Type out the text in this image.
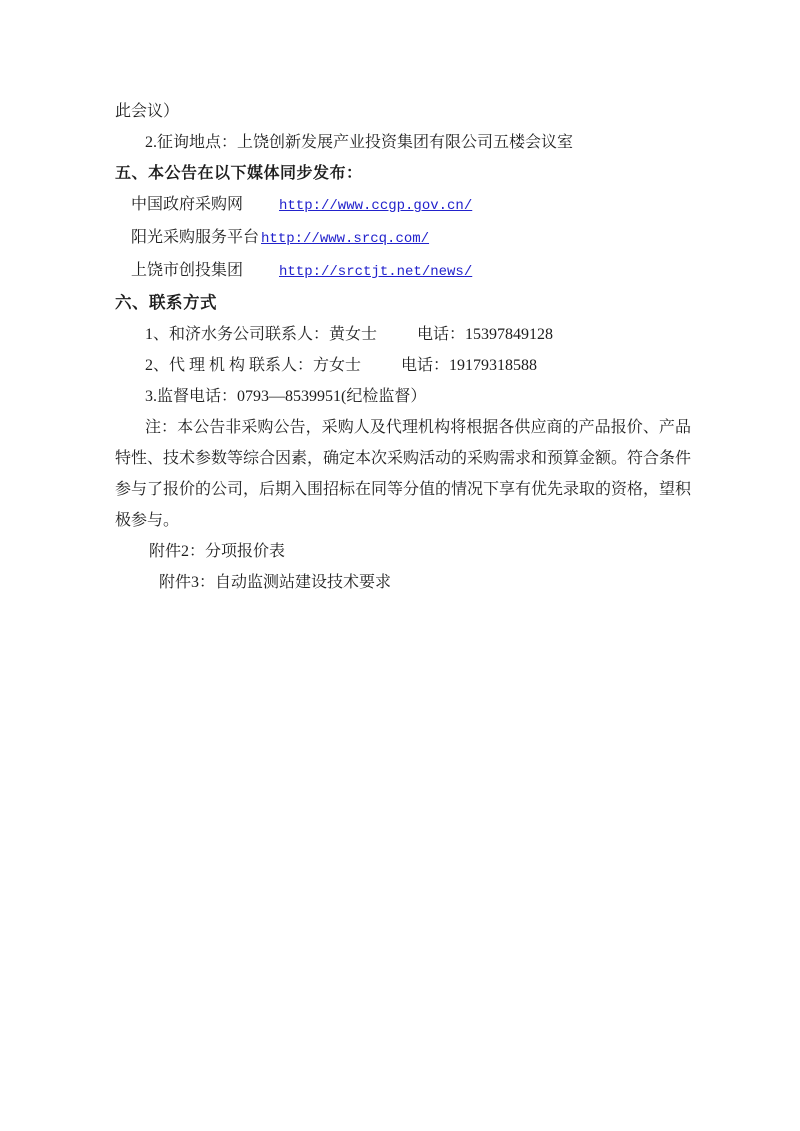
此会议）
2.征询地点：上饶创新发展产业投资集团有限公司五楼会议室
五、本公告在以下媒体同步发布：
中国政府采购网	http://www.ccgp.gov.cn/
阳光采购服务平台 http://www.srcq.com/
上饶市创投集团	http://srctjt.net/news/
六、联系方式
1、和济水务公司联系人：黄女士	电话：15397849128
2、代 理 机 构 联系人：方女士	电话：19179318588
3.监督电话：0793—8539951(纪检监督）
注：本公告非采购公告，采购人及代理机构将根据各供应商的产品报价、产品特性、技术参数等综合因素，确定本次采购活动的采购需求和预算金额。符合条件参与了报价的公司，后期入围招标在同等分值的情况下享有优先录取的资格，望积极参与。
附件2：分项报价表
附件3：自动监测站建设技术要求
